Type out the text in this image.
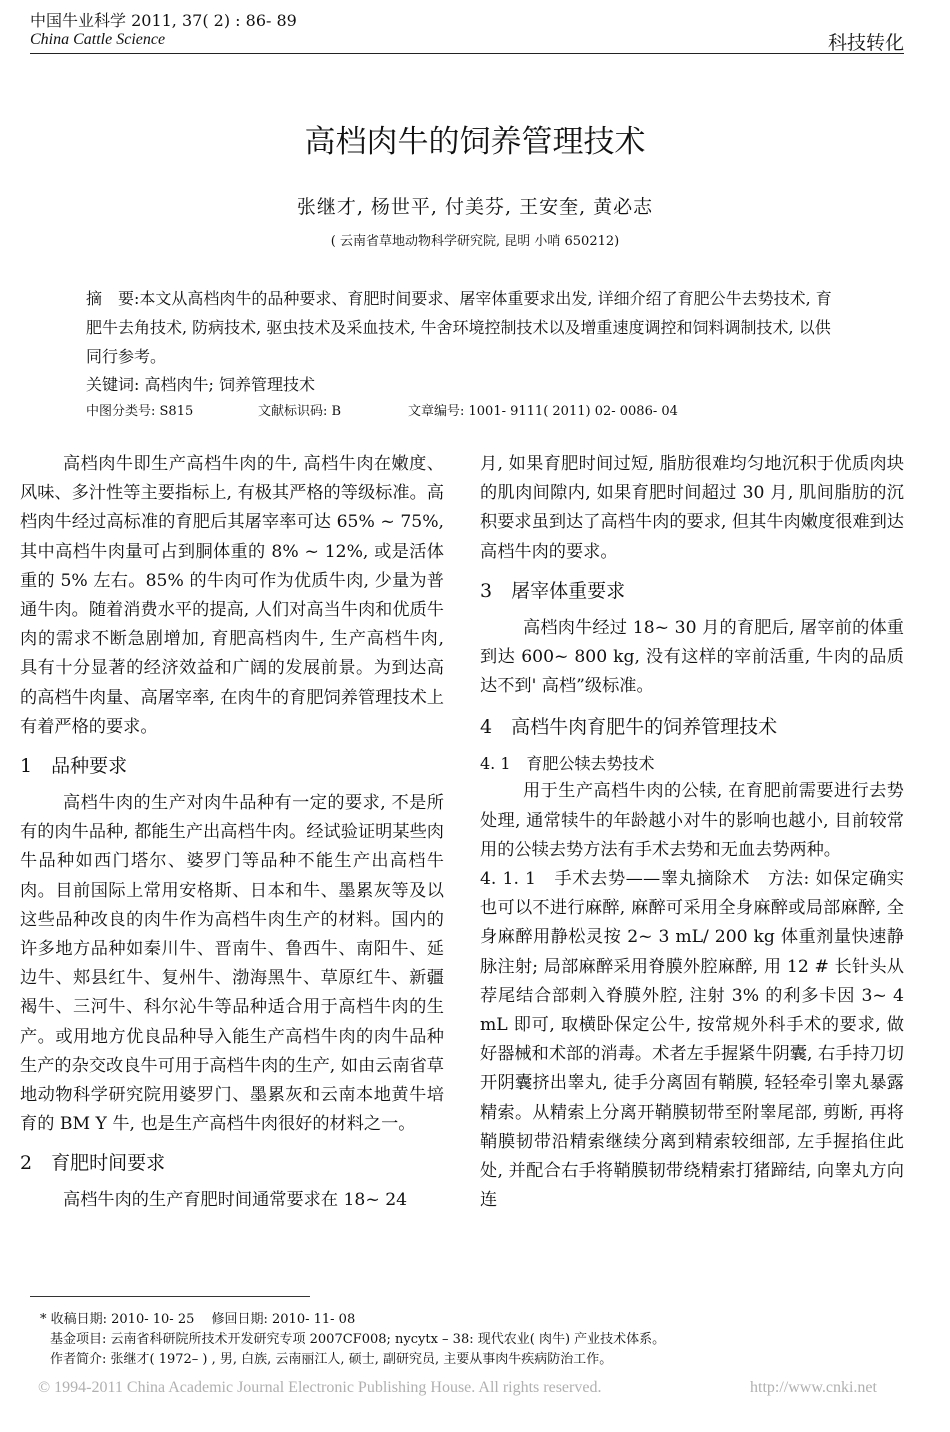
中国牛业科学 2011, 37( 2) : 86- 89
China Cattle Science	科技转化
高档肉牛的饲养管理技术
张继才, 杨世平, 付美芬, 王安奎, 黄必志
( 云南省草地动物科学研究院, 昆明 小哨 650212)
摘　要:本文从高档肉牛的品种要求、育肥时间要求、屠宰体重要求出发, 详细介绍了育肥公牛去势技术, 育肥牛去角技术, 防病技术, 驱虫技术及采血技术, 牛舍环境控制技术以及增重速度调控和饲料调制技术, 以供同行参考。
关键词: 高档肉牛; 饲养管理技术
中图分类号: S815	文献标识码: B	文章编号: 1001- 9111( 2011) 02- 0086- 04

高档肉牛即生产高档牛肉的牛, 高档牛肉在嫩度、风味、多汁性等主要指标上, 有极其严格的等级标准。高档肉牛经过高标准的育肥后其屠宰率可达 65% ~ 75%, 其中高档牛肉量可占到胴体重的 8% ~ 12%, 或是活体重的 5% 左右。85% 的牛肉可作为优质牛肉, 少量为普通牛肉。随着消费水平的提高, 人们对高当牛肉和优质牛肉的需求不断急剧增加, 育肥高档肉牛, 生产高档牛肉, 具有十分显著的经济效益和广阔的发展前景。为到达高的高档牛肉量、高屠宰率, 在肉牛的育肥饲养管理技术上有着严格的要求。

1　品种要求

高档牛肉的生产对肉牛品种有一定的要求, 不是所有的肉牛品种, 都能生产出高档牛肉。经试验证明某些肉牛品种如西门塔尔、婆罗门等品种不能生产出高档牛肉。目前国际上常用安格斯、日本和牛、墨累灰等及以这些品种改良的肉牛作为高档牛肉生产的材料。国内的许多地方品种如秦川牛、晋南牛、鲁西牛、南阳牛、延边牛、郏县红牛、复州牛、渤海黑牛、草原红牛、新疆褐牛、三河牛、科尔沁牛等品种适合用于高档牛肉的生产。或用地方优良品种导入能生产高档牛肉的肉牛品种生产的杂交改良牛可用于高档牛肉的生产, 如由云南省草地动物科学研究院用婆罗门、墨累灰和云南本地黄牛培育的 BM Y 牛, 也是生产高档牛肉很好的材料之一。

2　育肥时间要求

高档牛肉的生产育肥时间通常要求在 18~ 24

月, 如果育肥时间过短, 脂肪很难均匀地沉积于优质肉块的肌肉间隙内, 如果育肥时间超过 30 月, 肌间脂肪的沉积要求虽到达了高档牛肉的要求, 但其牛肉嫩度很难到达高档牛肉的要求。

3　屠宰体重要求

高档肉牛经过 18~ 30 月的育肥后, 屠宰前的体重到达 600~ 800 kg, 没有这样的宰前活重, 牛肉的品质达不到' 高档”级标准。

4　高档牛肉育肥牛的饲养管理技术
4. 1　育肥公犊去势技术

用于生产高档牛肉的公犊, 在育肥前需要进行去势处理, 通常犊牛的年龄越小对牛的影响也越小, 目前较常用的公犊去势方法有手术去势和无血去势两种。

4. 1. 1　手术去势——睾丸摘除术　 方法: 如保定确实也可以不进行麻醉, 麻醉可采用全身麻醉或局部麻醉, 全身麻醉用静松灵按 2~ 3 mL/ 200 kg 体重剂量快速静脉注射; 局部麻醉采用脊膜外腔麻醉, 用 12 # 长针头从荐尾结合部刺入脊膜外腔, 注射 3% 的利多卡因 3~ 4 mL 即可, 取横卧保定公牛, 按常规外科手术的要求, 做好器械和术部的消毒。术者左手握紧牛阴囊, 右手持刀切开阴囊挤出睾丸, 徒手分离固有鞘膜, 轻轻牵引睾丸暴露精索。从精索上分离开鞘膜韧带至附睾尾部, 剪断, 再将鞘膜韧带沿精索继续分离到精索较细部, 左手握掐住此处, 并配合右手将鞘膜韧带绕精索打猪蹄结, 向睾丸方向连

* 收稿日期: 2010- 10- 25　 修回日期: 2010- 11- 08
基金项目: 云南省科研院所技术开发研究专项 2007CF008; nycytx – 38: 现代农业( 肉牛) 产业技术体系。
作者简介: 张继才( 1972– ) , 男, 白族, 云南丽江人, 硕士, 副研究员, 主要从事肉牛疾病防治工作。
© 1994-2011 China Academic Journal Electronic Publishing House. All rights reserved.	http://www.cnki.net
